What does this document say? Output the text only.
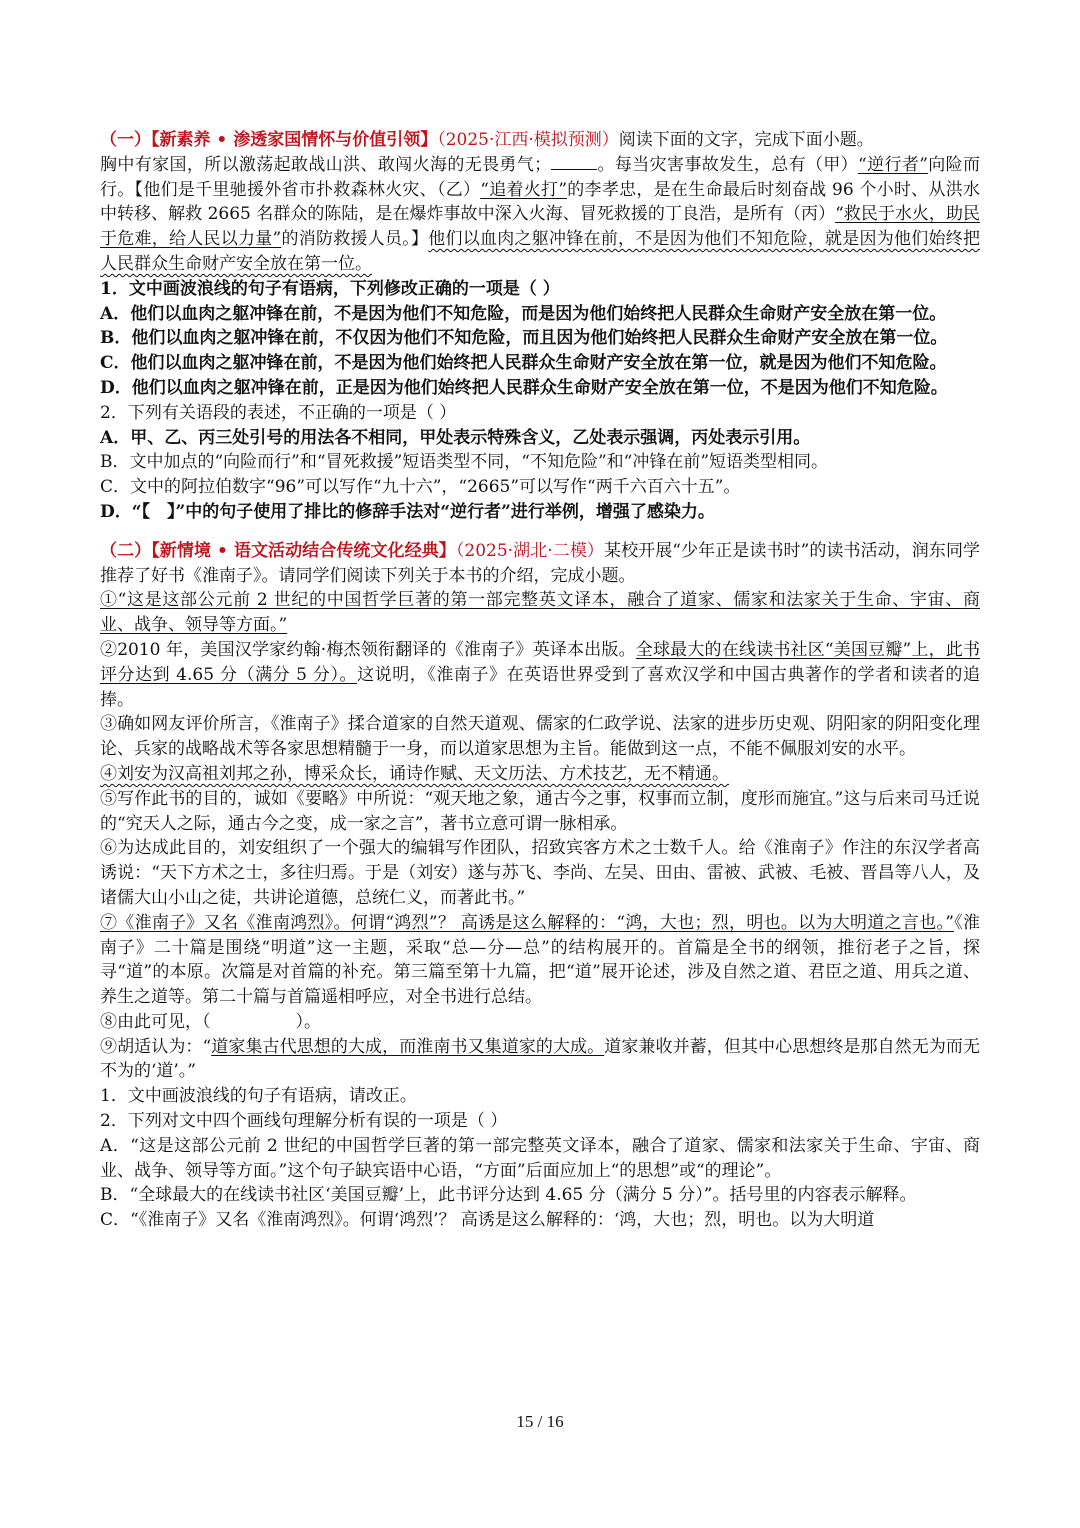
（一）【新素养 • 渗透家国情怀与价值引领】（2025·江西·模拟预测）阅读下面的文字，完成下面小题。

胸中有家国，所以激荡起敢战山洪、敢闯火海的无畏勇气；	。每当灾害事故发生，总有（甲）“逆行者”向险而行。【他们是千里驰援外省市扑救森林火灾、（乙）“追着火打”的李孝忠，是在生命最后时刻奋战 96 个小时、从洪水中转移、解救 2665 名群众的陈陆，是在爆炸事故中深入火海、冒死救援的丁良浩，是所有（丙）“救民于水火，助民于危难，给人民以力量”的消防救援人员。】他们以血肉之躯冲锋在前，不是因为他们不知危险，就是因为他们始终把人民群众生命财产安全放在第一位。

1．文中画波浪线的句子有语病，下列修改正确的一项是（ ）

A．他们以血肉之躯冲锋在前，不是因为他们不知危险，而是因为他们始终把人民群众生命财产安全放在第一位。

B．他们以血肉之躯冲锋在前，不仅因为他们不知危险，而且因为他们始终把人民群众生命财产安全放在第一位。

C．他们以血肉之躯冲锋在前，不是因为他们始终把人民群众生命财产安全放在第一位，就是因为他们不知危险。

D．他们以血肉之躯冲锋在前，正是因为他们始终把人民群众生命财产安全放在第一位，不是因为他们不知危险。

2．下列有关语段的表述，不正确的一项是（ ）

A．甲、乙、丙三处引号的用法各不相同，甲处表示特殊含义，乙处表示强调，丙处表示引用。

B．文中加点的“向险而行”和“冒死救援”短语类型不同，“不知危险”和“冲锋在前”短语类型相同。

C．文中的阿拉伯数字“96”可以写作“九十六”，“2665”可以写作“两千六百六十五”。

D．“【　】”中的句子使用了排比的修辞手法对“逆行者”进行举例，增强了感染力。

（二）【新情境 • 语文活动结合传统文化经典】（2025·湖北·二模）某校开展“少年正是读书时”的读书活动，润东同学推荐了好书《淮南子》。请同学们阅读下列关于本书的介绍，完成小题。

①“这是这部公元前 2 世纪的中国哲学巨著的第一部完整英文译本，融合了道家、儒家和法家关于生命、宇宙、商业、战争、领导等方面。”

②2010 年，美国汉学家约翰·梅杰领衔翻译的《淮南子》英译本出版。全球最大的在线读书社区“美国豆瓣”上，此书评分达到 4.65 分（满分 5 分）。这说明，《淮南子》在英语世界受到了喜欢汉学和中国古典著作的学者和读者的追捧。

③确如网友评价所言，《淮南子》揉合道家的自然天道观、儒家的仁政学说、法家的进步历史观、阴阳家的阴阳变化理论、兵家的战略战术等各家思想精髓于一身，而以道家思想为主旨。能做到这一点，不能不佩服刘安的水平。

④刘安为汉高祖刘邦之孙，博采众长，诵诗作赋、天文历法、方术技艺，无不精通。

⑤写作此书的目的，诚如《要略》中所说：“观天地之象，通古今之事，权事而立制，度形而施宜。”这与后来司马迁说的“究天人之际，通古今之变，成一家之言”，著书立意可谓一脉相承。

⑥为达成此目的，刘安组织了一个强大的编辑写作团队，招致宾客方术之士数千人。给《淮南子》作注的东汉学者高诱说：“天下方术之士，多往归焉。于是（刘安）遂与苏飞、李尚、左吴、田由、雷被、武被、毛被、晋昌等八人，及诸儒大山小山之徒，共讲论道德，总统仁义，而著此书。”

⑦《淮南子》又名《淮南鸿烈》。何谓“鸿烈”？ 高诱是这么解释的：“鸿，大也；烈，明也。以为大明道之言也。”《淮南子》二十篇是围绕“明道”这一主题，采取“总—分—总”的结构展开的。首篇是全书的纲领，推衍老子之旨，探寻“道”的本原。次篇是对首篇的补充。第三篇至第十九篇，把“道”展开论述，涉及自然之道、君臣之道、用兵之道、养生之道等。第二十篇与首篇遥相呼应，对全书进行总结。

⑧由此可见，（　　　　　）。

⑨胡适认为：“道家集古代思想的大成，而淮南书又集道家的大成。道家兼收并蓄，但其中心思想终是那自然无为而无不为的‘道’。”

1．文中画波浪线的句子有语病，请改正。

2．下列对文中四个画线句理解分析有误的一项是（ ）

A．“这是这部公元前 2 世纪的中国哲学巨著的第一部完整英文译本，融合了道家、儒家和法家关于生命、宇宙、商业、战争、领导等方面。”这个句子缺宾语中心语，“方面”后面应加上“的思想”或“的理论”。

B．“全球最大的在线读书社区‘美国豆瓣’上，此书评分达到 4.65 分（满分 5 分）”。括号里的内容表示解释。

C．“《淮南子》又名《淮南鸿烈》。何谓‘鸿烈’？ 高诱是这么解释的：‘鸿，大也；烈，明也。以为大明道

15 / 16
